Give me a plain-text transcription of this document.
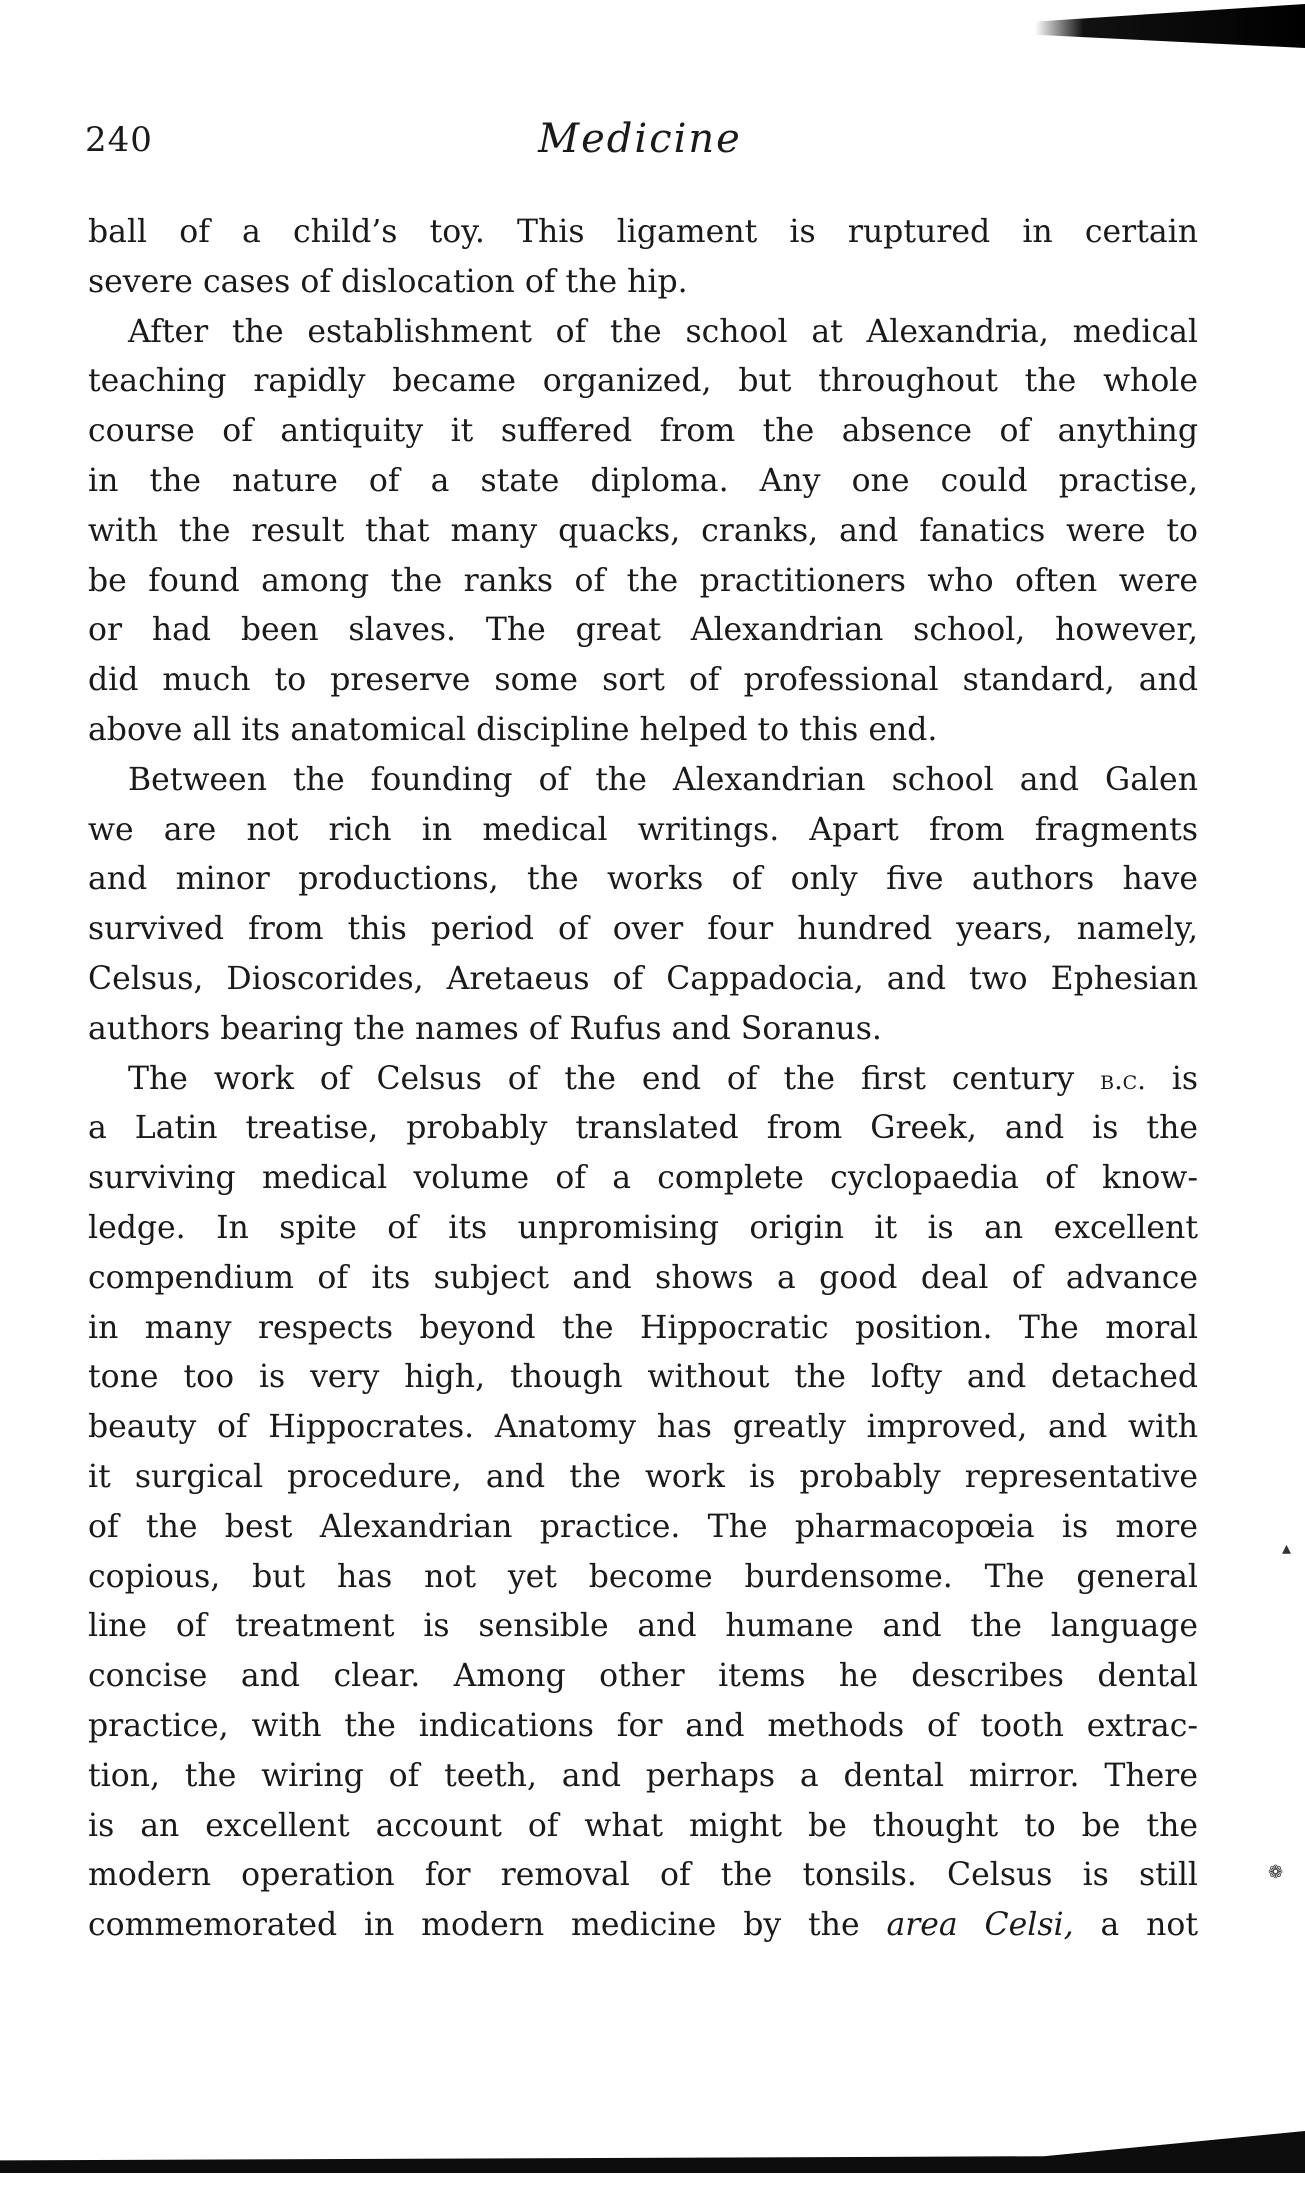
240	Medicine
ball of a child’s toy. This ligament is ruptured in certain
severe cases of dislocation of the hip.
After the establishment of the school at Alexandria, medical
teaching rapidly became organized, but throughout the whole
course of antiquity it suffered from the absence of anything
in the nature of a state diploma. Any one could practise,
with the result that many quacks, cranks, and fanatics were to
be found among the ranks of the practitioners who often were
or had been slaves. The great Alexandrian school, however,
did much to preserve some sort of professional standard, and
above all its anatomical discipline helped to this end.
Between the founding of the Alexandrian school and Galen
we are not rich in medical writings. Apart from fragments
and minor productions, the works of only five authors have
survived from this period of over four hundred years, namely,
Celsus, Dioscorides, Aretaeus of Cappadocia, and two Ephesian
authors bearing the names of Rufus and Soranus.
The work of Celsus of the end of the first century b.c. is
a Latin treatise, probably translated from Greek, and is the
surviving medical volume of a complete cyclopaedia of know-
ledge. In spite of its unpromising origin it is an excellent
compendium of its subject and shows a good deal of advance
in many respects beyond the Hippocratic position. The moral
tone too is very high, though without the lofty and detached
beauty of Hippocrates. Anatomy has greatly improved, and with
it surgical procedure, and the work is probably representative
of the best Alexandrian practice. The pharmacopœia is more
copious, but has not yet become burdensome. The general
line of treatment is sensible and humane and the language
concise and clear. Among other items he describes dental
practice, with the indications for and methods of tooth extrac-
tion, the wiring of teeth, and perhaps a dental mirror. There
is an excellent account of what might be thought to be the
modern operation for removal of the tonsils. Celsus is still
commemorated in modern medicine by the area Celsi, a not
▴
❁
